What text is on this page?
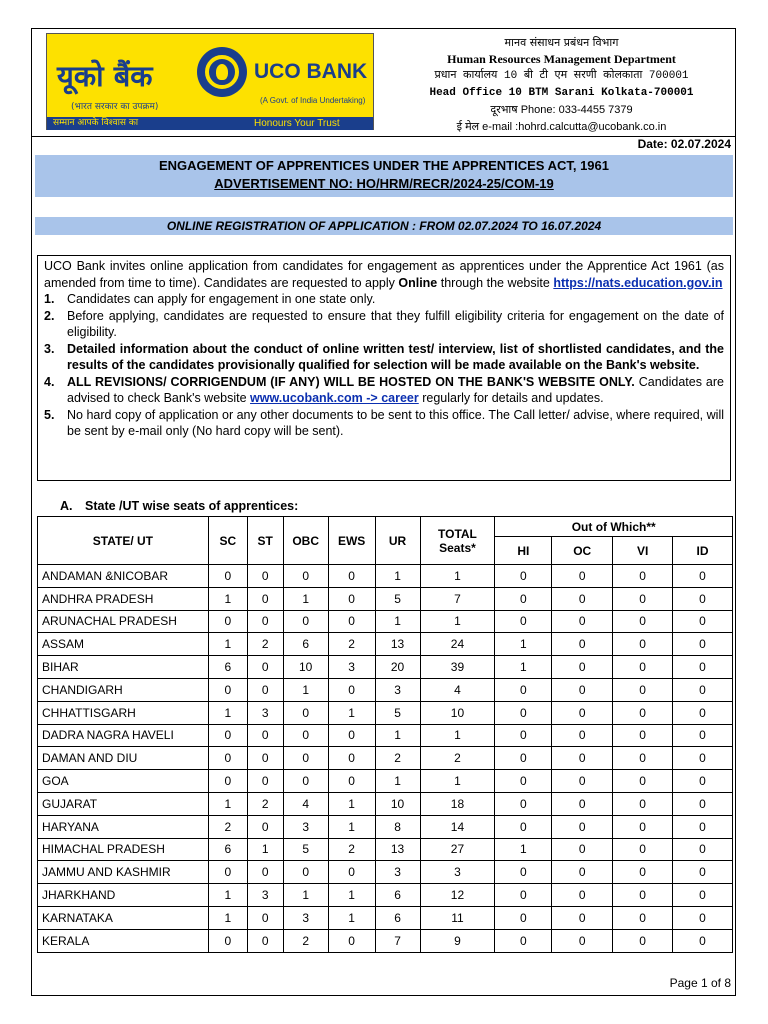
यूको बैंक
(भारत सरकार का उपक्रम)
UCO BANK
(A Govt. of India Undertaking)
सम्मान आपके विश्वास का	Honours Your Trust
मानव संसाधन प्रबंधन विभाग
Human Resources Management Department
प्रधान कार्यालय 10 बी टी एम सरणी कोलकाता 700001
Head Office 10 BTM Sarani Kolkata-700001
दूरभाष Phone: 033-4455 7379
ई मेल e-mail :hohrd.calcutta@ucobank.co.in
Date: 02.07.2024
ENGAGEMENT OF APPRENTICES UNDER THE APPRENTICES ACT, 1961
ADVERTISEMENT NO: HO/HRM/RECR/2024-25/COM-19
ONLINE REGISTRATION OF APPLICATION : FROM 02.07.2024 TO 16.07.2024
UCO Bank invites online application from candidates for engagement as apprentices under the Apprentice Act 1961 (as amended from time to time). Candidates are requested to apply Online through the website https://nats.education.gov.in
1.	Candidates can apply for engagement in one state only.
2.	Before applying, candidates are requested to ensure that they fulfill eligibility criteria for engagement on the date of eligibility.
3.	Detailed information about the conduct of online written test/ interview, list of shortlisted candidates, and the results of the candidates provisionally qualified for selection will be made available on the Bank's website.
4.	ALL REVISIONS/ CORRIGENDUM (IF ANY) WILL BE HOSTED ON THE BANK'S WEBSITE ONLY. Candidates are advised to check Bank's website www.ucobank.com -> career regularly for details and updates.
5.	No hard copy of application or any other documents to be sent to this office. The Call letter/ advise, where required, will be sent by e-mail only (No hard copy will be sent).
A. State /UT wise seats of apprentices:
STATE/ UT	SC	ST	OBC	EWS	UR	TOTAL Seats*	Out of Which**			
							HI	OC	VI	ID
ANDAMAN &NICOBAR	0	0	0	0	1	1	0	0	0	0
ANDHRA PRADESH	1	0	1	0	5	7	0	0	0	0
ARUNACHAL PRADESH	0	0	0	0	1	1	0	0	0	0
ASSAM	1	2	6	2	13	24	1	0	0	0
BIHAR	6	0	10	3	20	39	1	0	0	0
CHANDIGARH	0	0	1	0	3	4	0	0	0	0
CHHATTISGARH	1	3	0	1	5	10	0	0	0	0
DADRA NAGRA HAVELI	0	0	0	0	1	1	0	0	0	0
DAMAN AND DIU	0	0	0	0	2	2	0	0	0	0
GOA	0	0	0	0	1	1	0	0	0	0
GUJARAT	1	2	4	1	10	18	0	0	0	0
HARYANA	2	0	3	1	8	14	0	0	0	0
HIMACHAL PRADESH	6	1	5	2	13	27	1	0	0	0
JAMMU AND KASHMIR	0	0	0	0	3	3	0	0	0	0
JHARKHAND	1	3	1	1	6	12	0	0	0	0
KARNATAKA	1	0	3	1	6	11	0	0	0	0
KERALA	0	0	2	0	7	9	0	0	0	0
Page 1 of 8
